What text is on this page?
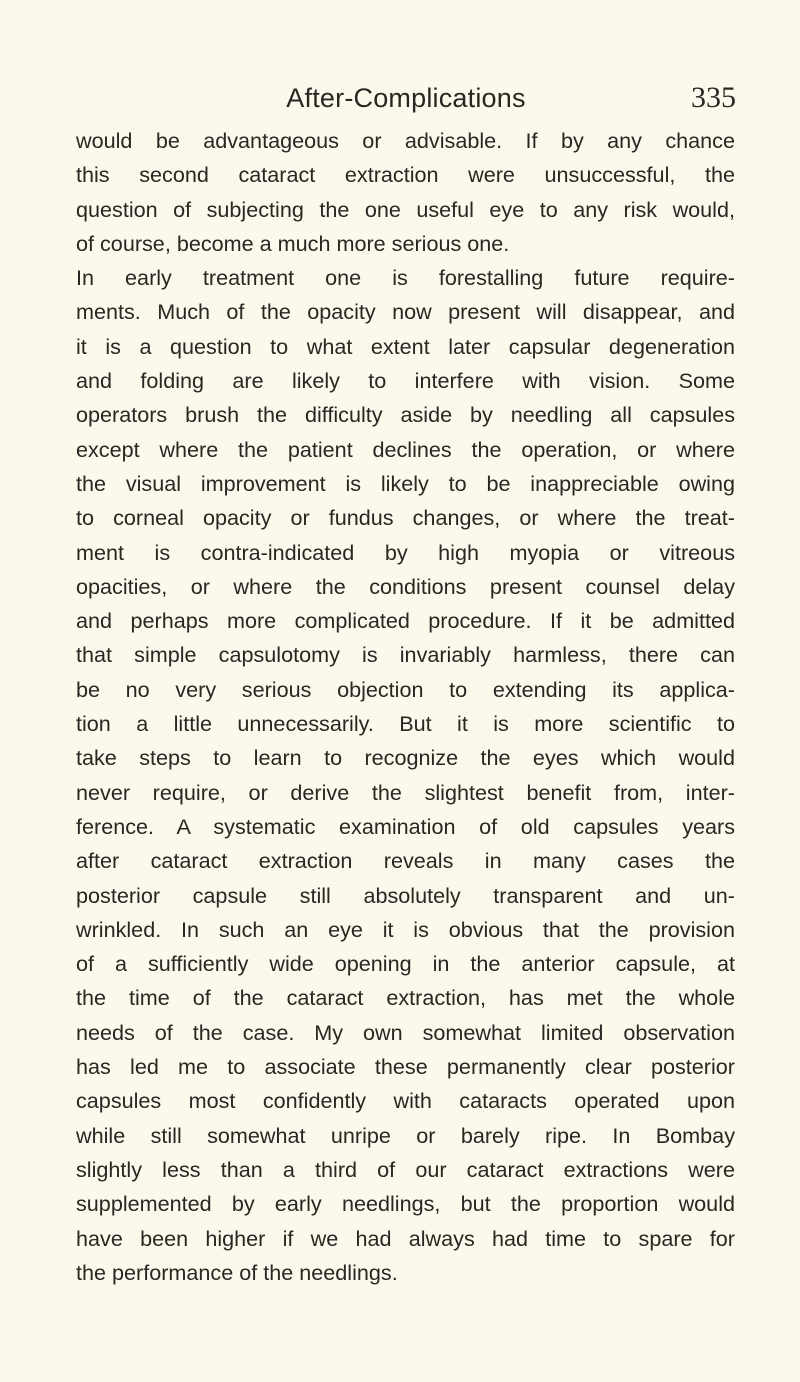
After-Complications	335

would be advantageous or advisable. If by any chance

this second cataract extraction were unsuccessful, the

question of subjecting the one useful eye to any risk would,

of course, become a much more serious one.

In early treatment one is forestalling future require-

ments. Much of the opacity now present will disappear, and

it is a question to what extent later capsular degeneration

and folding are likely to interfere with vision. Some

operators brush the difficulty aside by needling all capsules

except where the patient declines the operation, or where

the visual improvement is likely to be inappreciable owing

to corneal opacity or fundus changes, or where the treat-

ment is contra-indicated by high myopia or vitreous

opacities, or where the conditions present counsel delay

and perhaps more complicated procedure. If it be admitted

that simple capsulotomy is invariably harmless, there can

be no very serious objection to extending its applica-

tion a little unnecessarily. But it is more scientific to

take steps to learn to recognize the eyes which would

never require, or derive the slightest benefit from, inter-

ference. A systematic examination of old capsules years

after cataract extraction reveals in many cases the

posterior capsule still absolutely transparent and un-

wrinkled. In such an eye it is obvious that the provision

of a sufficiently wide opening in the anterior capsule, at

the time of the cataract extraction, has met the whole

needs of the case. My own somewhat limited observation

has led me to associate these permanently clear posterior

capsules most confidently with cataracts operated upon

while still somewhat unripe or barely ripe. In Bombay

slightly less than a third of our cataract extractions were

supplemented by early needlings, but the proportion would

have been higher if we had always had time to spare for

the performance of the needlings.
